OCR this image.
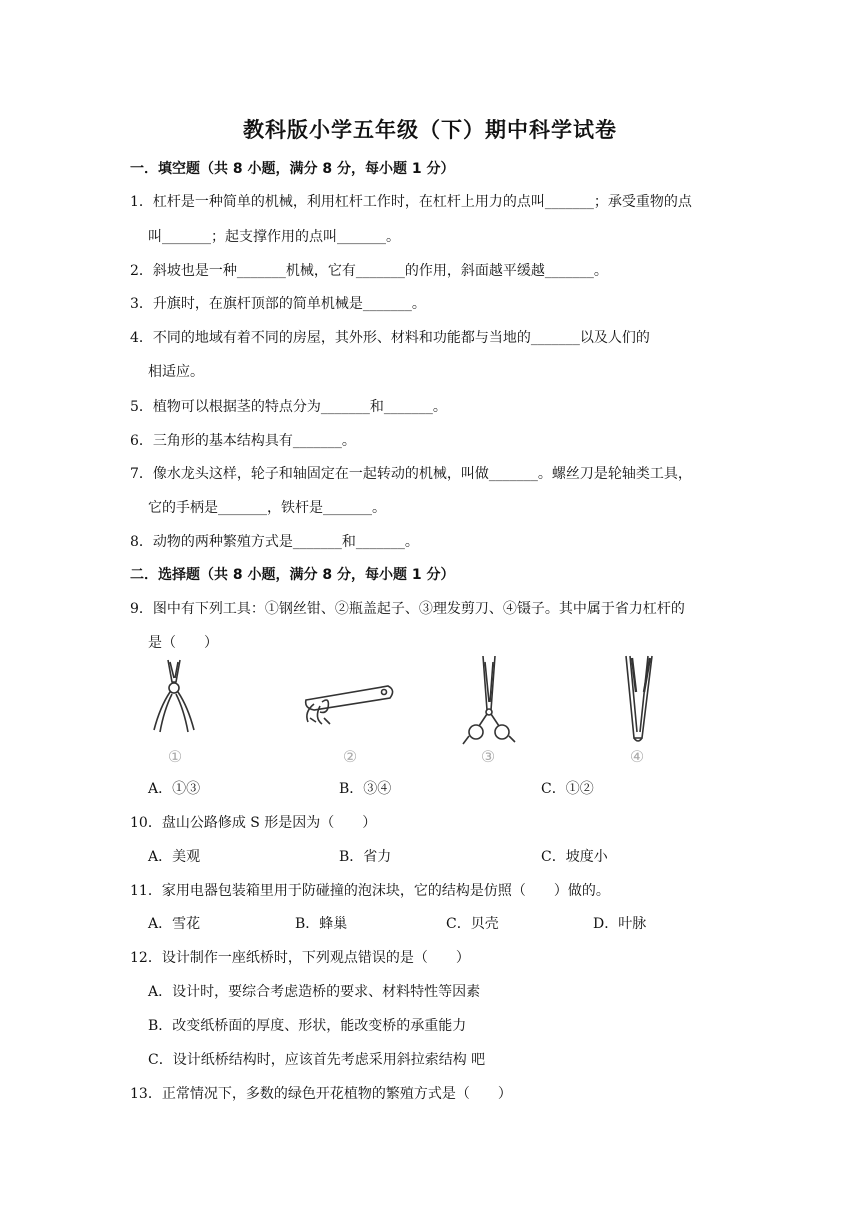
教科版小学五年级（下）期中科学试卷
一．填空题（共 8 小题，满分 8 分，每小题 1 分）
1．杠杆是一种简单的机械，利用杠杆工作时，在杠杆上用力的点叫_______；承受重物的点
叫_______；起支撑作用的点叫_______。
2．斜坡也是一种_______机械，它有_______的作用，斜面越平缓越_______。
3．升旗时，在旗杆顶部的简单机械是_______。
4．不同的地域有着不同的房屋，其外形、材料和功能都与当地的_______以及人们的
相适应。
5．植物可以根据茎的特点分为_______和_______。
6．三角形的基本结构具有_______。
7．像水龙头这样，轮子和轴固定在一起转动的机械，叫做_______。螺丝刀是轮轴类工具，
它的手柄是_______，铁杆是_______。
8．动物的两种繁殖方式是_______和_______。
二．选择题（共 8 小题，满分 8 分，每小题 1 分）
9．图中有下列工具：①钢丝钳、②瓶盖起子、③理发剪刀、④镊子。其中属于省力杠杆的
是（　　）
①	②	③	④
A．①③	B．③④	C．①②
10．盘山公路修成 S 形是因为（　　）
A．美观	B．省力	C．坡度小
11．家用电器包装箱里用于防碰撞的泡沫块，它的结构是仿照（　　）做的。
A．雪花	B．蜂巢	C．贝壳	D．叶脉
12．设计制作一座纸桥时，下列观点错误的是（　　）
A．设计时，要综合考虑造桥的要求、材料特性等因素
B．改变纸桥面的厚度、形状，能改变桥的承重能力
C．设计纸桥结构时，应该首先考虑采用斜拉索结构 吧
13．正常情况下，多数的绿色开花植物的繁殖方式是（　　）
